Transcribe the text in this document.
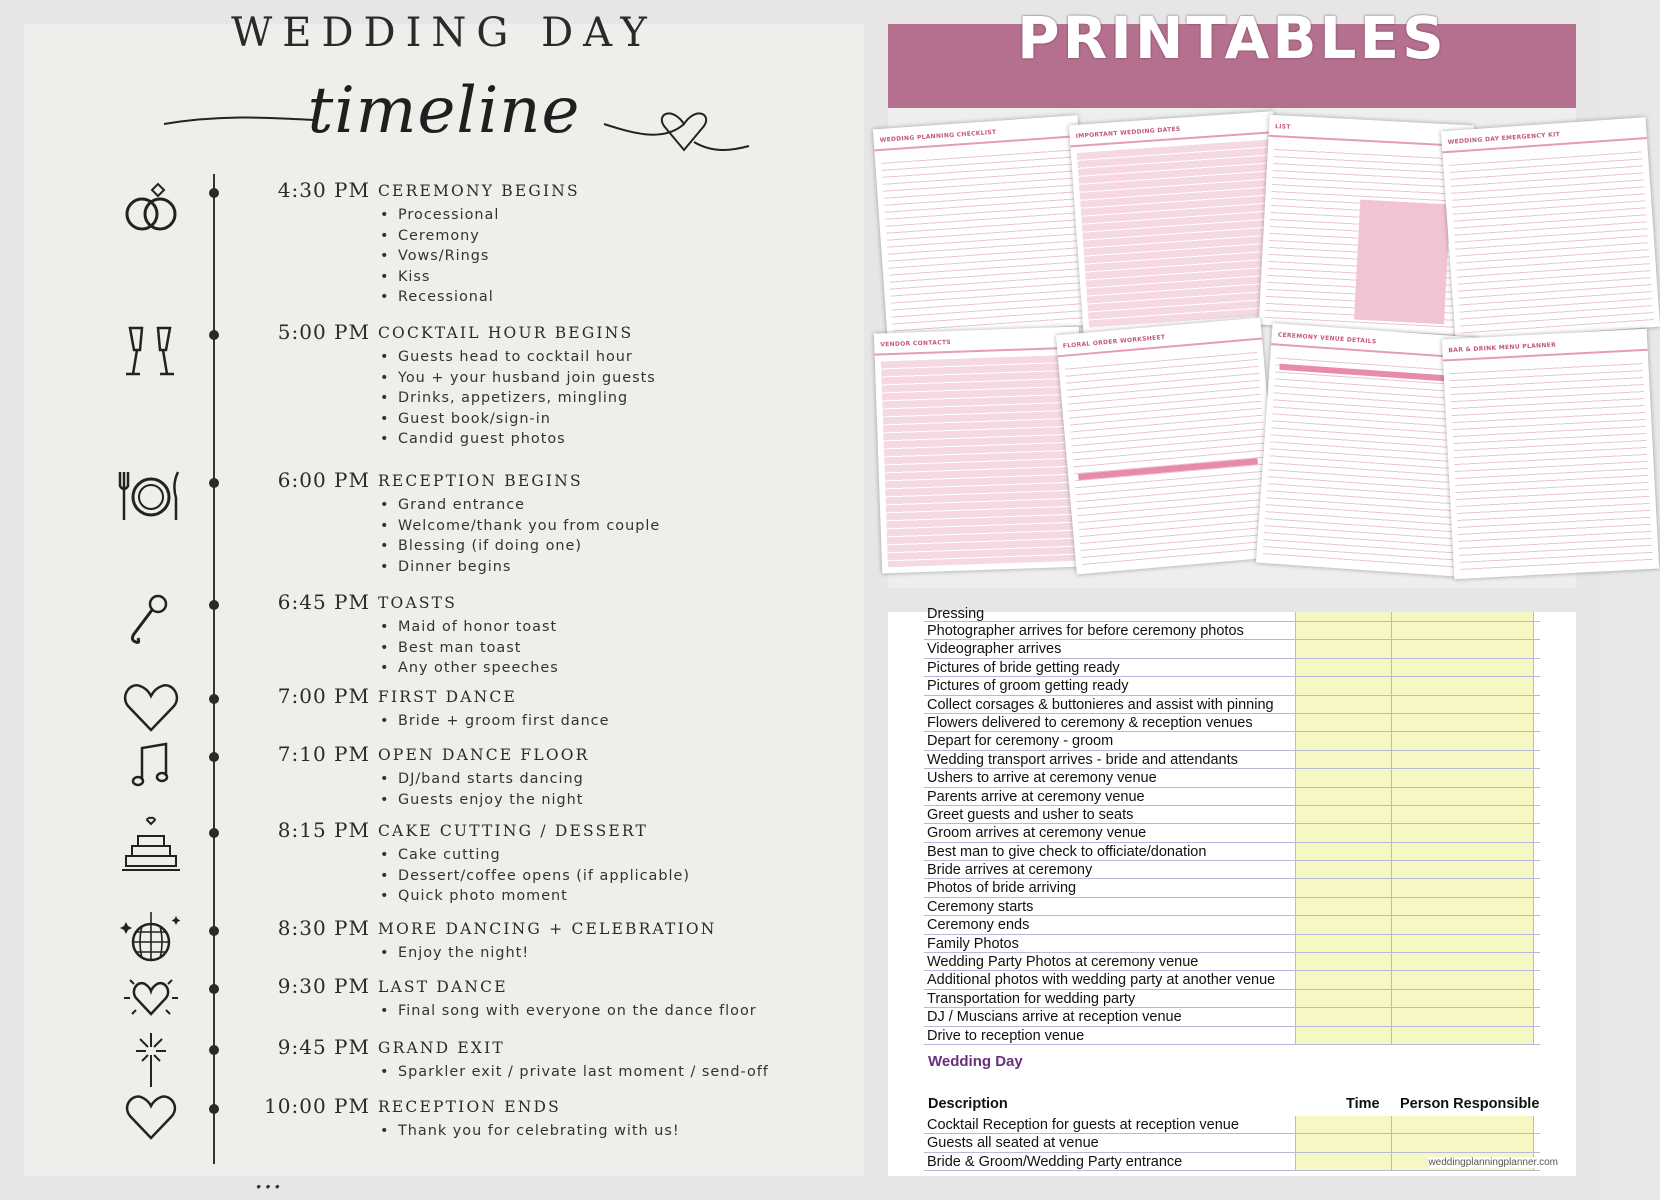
WEDDING DAY
timeline
4:30 PM CEREMONY BEGINS
• Processional
• Ceremony
• Vows/Rings
• Kiss
• Recessional
5:00 PM COCKTAIL HOUR BEGINS
• Guests head to cocktail hour
• You + your husband join guests
• Drinks, appetizers, mingling
• Guest book/sign-in
• Candid guest photos
6:00 PM RECEPTION BEGINS
• Grand entrance
• Welcome/thank you from couple
• Blessing (if doing one)
• Dinner begins
6:45 PM TOASTS
• Maid of honor toast
• Best man toast
• Any other speeches
7:00 PM FIRST DANCE
• Bride + groom first dance
7:10 PM OPEN DANCE FLOOR
• DJ/band starts dancing
• Guests enjoy the night
8:15 PM CAKE CUTTING / DESSERT
• Cake cutting
• Dessert/coffee opens (if applicable)
• Quick photo moment
8:30 PM MORE DANCING + CELEBRATION
• Enjoy the night!
9:30 PM LAST DANCE
• Final song with everyone on the dance floor
9:45 PM GRAND EXIT
• Sparkler exit / private last moment / send-off
10:00 PM RECEPTION ENDS
• Thank you for celebrating with us!
…
PRINTABLES
WEDDING PLANNING CHECKLIST	IMPORTANT WEDDING DATES	LIST
WEDDING DAY EMERGENCY KIT
VENDOR CONTACTS	FLORAL ORDER WORKSHEET	CEREMONY VENUE DETAILS
BAR & DRINK MENU PLANNER
Dressing
Photographer arrives for before ceremony photos
Videographer arrives
Pictures of bride getting ready
Pictures of groom getting ready
Collect corsages & buttonieres and assist with pinning
Flowers delivered to ceremony & reception venues
Depart for ceremony - groom
Wedding transport arrives - bride and attendants
Ushers to arrive at ceremony venue
Parents arrive at ceremony venue
Greet guests and usher to seats
Groom arrives at ceremony venue
Best man to give check to officiate/donation
Bride arrives at ceremony
Photos of bride arriving
Ceremony starts
Ceremony ends
Family Photos
Wedding Party Photos at ceremony venue
Additional photos with wedding party at another venue
Transportation for wedding party
DJ / Muscians arrive at reception venue
Drive to reception venue
Wedding Day
Description	Time Person Responsible
Cocktail Reception for guests at reception venue
Guests all seated at venue
Bride & Groom/Wedding Party entrance	weddingplanningplanner.com
